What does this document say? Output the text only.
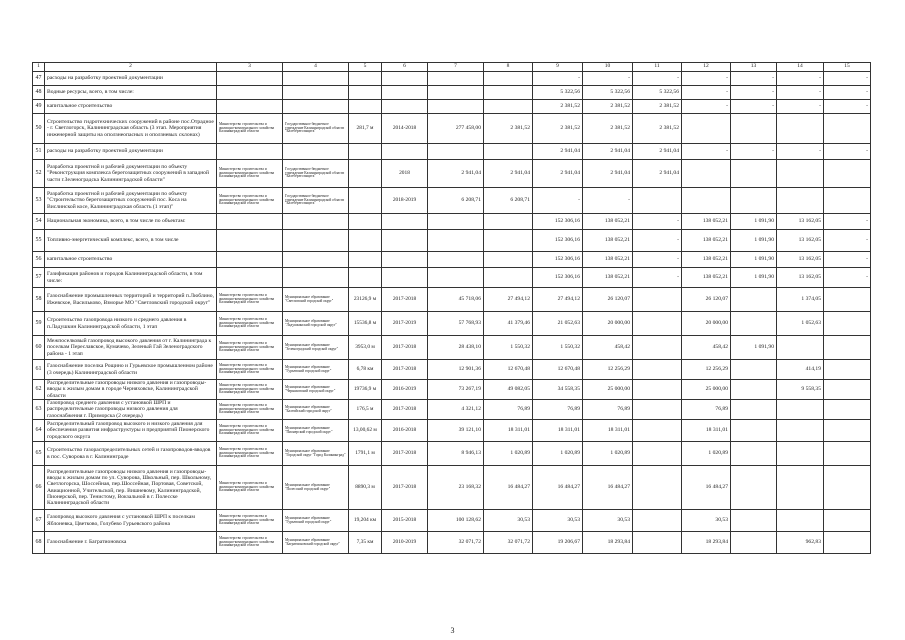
1	2	3	4	5	6	7	8	9	10	11	12	13	14	15
47	расходы на разработку проектной документации							-	-	-	-	-	-	-
48	Водные ресурсы, всего, в том числе:							5 322,56	5 322,56	5 322,56	-	-	-	-
49	капитальное строительство							2 381,52	2 381,52	2 381,52	-	-	-	-
50	Строительство гидротехнических сооружений в районе пос.Отрадное - г. Светлогорск, Калининградская область (3 этап. Мероприятия инженерной защиты на оползнеопасных и оползневых склонах)	Министерство строительства и жилищно-коммунального хозяйства Калининградской области	Государственное бюджетное учреждение Калининградской области "Балтберегозащита"	281,7 м	2014-2018	277 458,00	2 381,52	2 381,52	2 381,52	2 381,52				
51	расходы на разработку проектной документации							2 941,04	2 941,04	2 941,04	-	-	-	-
52	Разработка проектной и рабочей документации по объекту "Реконструкция комплекса берегозащитных сооружений в западной части г.Зеленоградска Калининградской области"	Министерство строительства и жилищно-коммунального хозяйства Калининградской области	Государственное бюджетное учреждение Калининградской области "Балтберегозащита"		2018	2 941,04	2 941,04	2 941,04	2 941,04	2 941,04				
53	Разработка проектной и рабочей документации по объекту "Строительство берегозащитных сооружений пос. Коса на Вислинской косе, Калининградская область (1 этап)"	Министерство строительства и жилищно-коммунального хозяйства Калининградской области	Государственное бюджетное учреждение Калининградской области "Балтберегозащита"		2018-2019	6 208,71	6 208,71	-	-					
54	Национальная экономика, всего, в том числе по объектам:							152 306,16	138 052,21	-	138 052,21	1 091,90	13 162,05	-
55	Топливно-энергетический комплекс, всего, в том числе							152 306,16	138 052,21	-	138 052,21	1 091,90	13 162,05	-
56	капитальное строительство							152 306,16	138 052,21	-	138 052,21	1 091,90	13 162,05	-
57	Газификация районов и городов Калининградской области, в том числе:							152 306,16	138 052,21	-	138 052,21	1 091,90	13 162,05	-
58	Газоснабжение промышленных территорий и территорий п.Люблино, Ижевское, Васильково, Взморье МО "Светловский городской округ"	Министерство строительства и жилищно-коммунального хозяйства Калининградской области	Муниципальное образование "Светловский городской округ"	23126,9 м	2017-2018	45 718,06	27 494,12	27 494,12	26 120,07		26 120,07		1 374,05	
59	Строительство газопровода низкого и среднего давления в п.Ладушкин Калининградской области, 1 этап	Министерство строительства и жилищно-коммунального хозяйства Калининградской области	Муниципальное образование "Ладушкинский городской округ"	15536,8 м	2017-2019	57 768,93	41 379,46	21 052,63	20 000,00		20 000,00		1 052,63	
60	Межпоселковый газопровод высокого давления от г. Калининграда к поселкам Переславское, Кумачево, Зеленый Гай Зеленоградского района - 1 этап	Министерство строительства и жилищно-коммунального хозяйства Калининградской области	Муниципальное образование "Зеленоградский городской округ"	3953,0 м	2017-2018	28 438,10	1 550,32	1 550,32	458,42		458,42	1 091,90		
61	Газоснабжение поселка Рощино и Гурьевское промышленном районе (3 очередь) Калининградской области	Министерство строительства и жилищно-коммунального хозяйства Калининградской области	Муниципальное образование "Гурьевский городской округ"	6,78 км	2017-2018	12 901,36	12 670,48	12 670,48	12 256,29		12 256,29		414,19	
62	Распределительные газопроводы низкого давления и газопроводы-вводы к жилым домам в городе Черняховске, Калининградской области	Министерство строительства и жилищно-коммунального хозяйства Калининградской области	Муниципальное образование "Черняховский городской округ"	19736,9 м	2016-2019	73 267,19	49 082,05	34 558,35	25 000,00		25 000,00		9 558,35	
63	Газопровод среднего давления с установкой ШРП и распределительные газопроводы низкого давления для газоснабжения г. Приморска (2 очередь)	Министерство строительства и жилищно-коммунального хозяйства Калининградской области	Муниципальное образование "Балтийский городской округ"	176,5 м	2017-2018	4 321,12	76,89	76,89	76,89		76,89			
64	Распределительный газопровод высокого и низкого давления для обеспечения развития инфраструктуры и предприятий Пионерского городского округа	Министерство строительства и жилищно-коммунального хозяйства Калининградской области	Муниципальное образование "Пионерский городской округ"	13,00,62 м	2016-2018	39 121,10	18 311,01	18 311,01	18 311,01		18 311,01			
65	Строительство газораспределительных сетей и газопроводов-вводов в пос. Суворова в г. Калининграде	Министерство строительства и жилищно-коммунального хозяйства Калининградской области	Муниципальное образование "Городской округ "Город Калининград"	1791,1 м	2017-2018	8 946,13	1 020,89	1 020,89	1 020,89		1 020,89			
66	Распределительные газопроводы низкого давления и газопроводы-вводы к жилым домам по ул. Суворова, Школьный, пер. Школьному, Светлогорска, Шоссейная, пер.Шоссейная, Портовая, Советской, Авиационной, Учительской, пер. Вишневому, Калининградской, Пионерской, пер. Тенистому, Вокзальной в г. Полесске Калининградской области	Министерство строительства и жилищно-коммунального хозяйства Калининградской области	Муниципальное образование "Полесский городской округ"	8890,3 м	2017-2018	23 168,32	16 484,27	16 484,27	16 484,27		16 484,27			
67	Газопровод высокого давления с установкой ШРП к поселкам Яблоневка, Цветково, Голубево Гурьевского района	Министерство строительства и жилищно-коммунального хозяйства Калининградской области	Муниципальное образование "Гурьевский городской округ"	19,204 км	2015-2018	100 128,62	30,53	30,53	30,53		30,53			
68	Газоснабжение г. Багратионовска	Министерство строительства и жилищно-коммунального хозяйства Калининградской области	Муниципальное образование "Багратионовский городской округ"	7,35 км	2010-2019	32 071,72	32 071,72	19 206,67	18 293,84		18 293,84		962,83	
3
